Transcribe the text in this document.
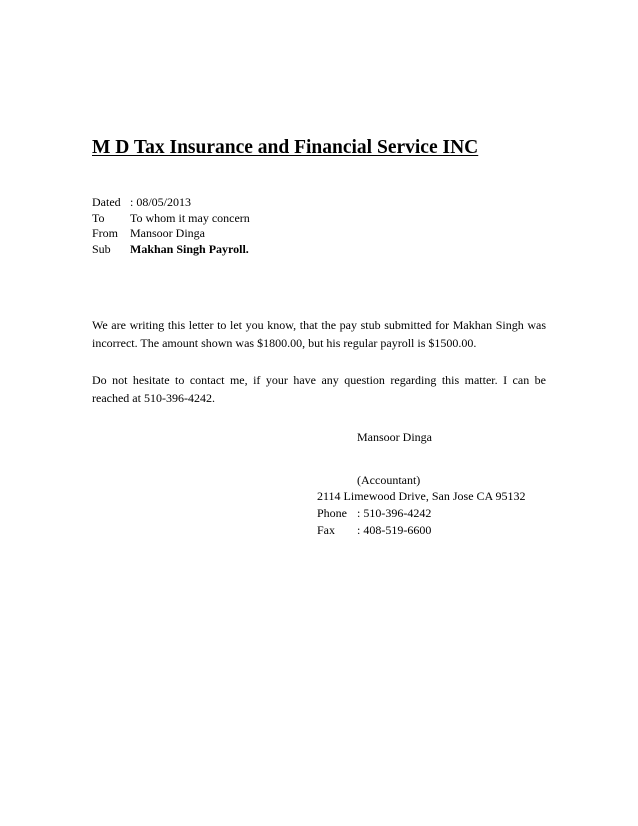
M D Tax Insurance and Financial Service INC
Dated : 08/05/2013
To	To whom it may concern
From Mansoor Dinga
Sub	Makhan Singh Payroll.
We are writing this letter to let you know, that the pay stub submitted for Makhan Singh was incorrect. The amount shown was $1800.00, but his regular payroll is $1500.00.
Do not hesitate to contact me, if your have any question regarding this matter. I can be reached at 510-396-4242.
Mansoor Dinga
(Accountant)
2114 Limewood Drive, San Jose CA 95132
Phone : 510-396-4242
Fax	: 408-519-6600
